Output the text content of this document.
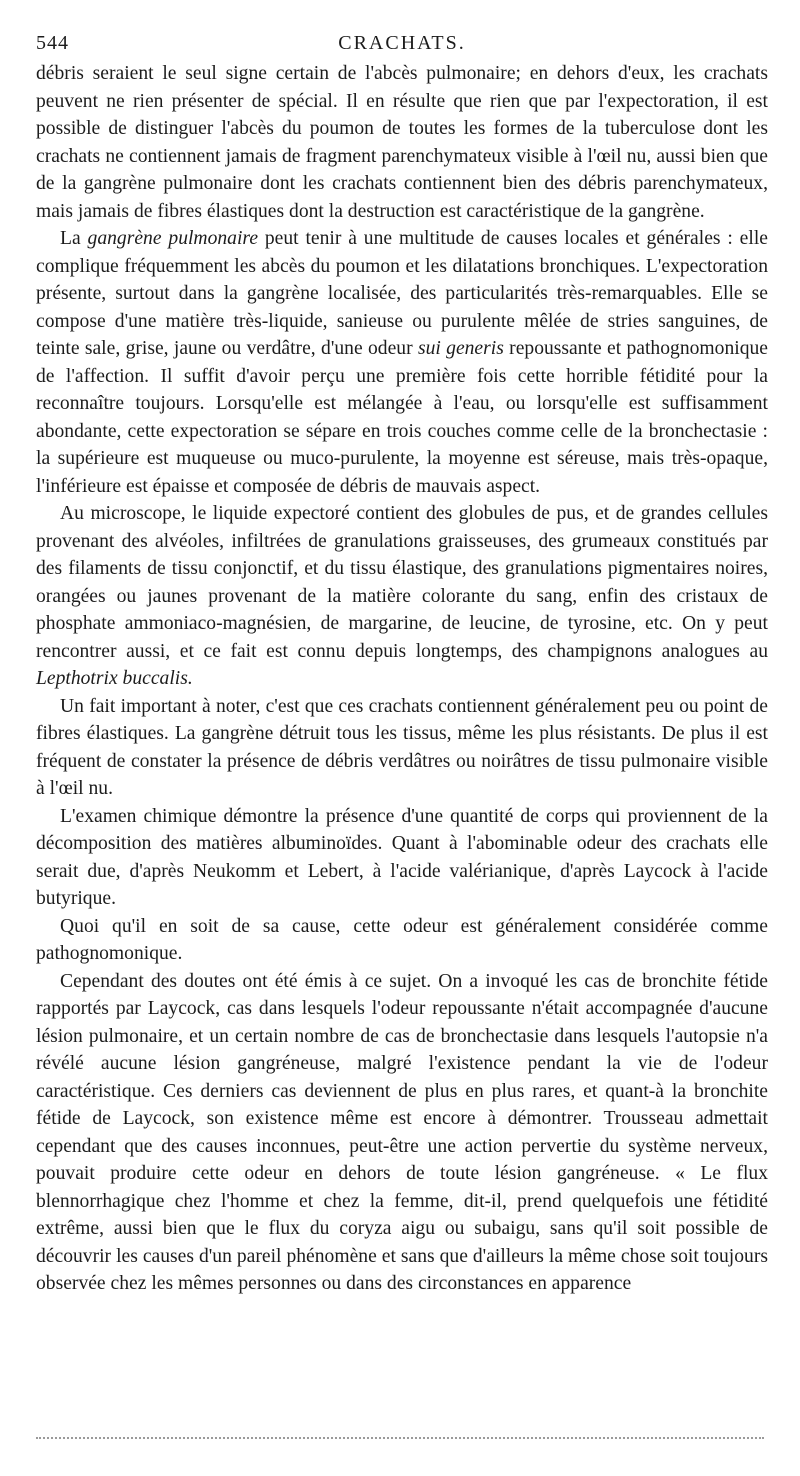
544	CRACHATS.

débris seraient le seul signe certain de l'abcès pulmonaire; en dehors d'eux, les crachats peuvent ne rien présenter de spécial. Il en résulte que rien que par l'expectoration, il est possible de distinguer l'abcès du poumon de toutes les formes de la tuberculose dont les crachats ne contiennent jamais de fragment parenchymateux visible à l'œil nu, aussi bien que de la gangrène pulmonaire dont les crachats contiennent bien des débris parenchymateux, mais jamais de fibres élastiques dont la destruction est caractéristique de la gangrène.

La gangrène pulmonaire peut tenir à une multitude de causes locales et générales : elle complique fréquemment les abcès du poumon et les dilatations bronchiques. L'expectoration présente, surtout dans la gangrène localisée, des particularités très-remarquables. Elle se compose d'une matière très-liquide, sanieuse ou purulente mêlée de stries sanguines, de teinte sale, grise, jaune ou verdâtre, d'une odeur sui generis repoussante et pathognomonique de l'affection. Il suffit d'avoir perçu une première fois cette horrible fétidité pour la reconnaître toujours. Lorsqu'elle est mélangée à l'eau, ou lorsqu'elle est suffisamment abondante, cette expectoration se sépare en trois couches comme celle de la bronchectasie : la supérieure est muqueuse ou muco-purulente, la moyenne est séreuse, mais très-opaque, l'inférieure est épaisse et composée de débris de mauvais aspect.

Au microscope, le liquide expectoré contient des globules de pus, et de grandes cellules provenant des alvéoles, infiltrées de granulations graisseuses, des grumeaux constitués par des filaments de tissu conjonctif, et du tissu élastique, des granulations pigmentaires noires, orangées ou jaunes provenant de la matière colorante du sang, enfin des cristaux de phosphate ammoniaco-magnésien, de margarine, de leucine, de tyrosine, etc. On y peut rencontrer aussi, et ce fait est connu depuis longtemps, des champignons analogues au Lepthotrix buccalis.

Un fait important à noter, c'est que ces crachats contiennent généralement peu ou point de fibres élastiques. La gangrène détruit tous les tissus, même les plus résistants. De plus il est fréquent de constater la présence de débris verdâtres ou noirâtres de tissu pulmonaire visible à l'œil nu.

L'examen chimique démontre la présence d'une quantité de corps qui proviennent de la décomposition des matières albuminoïdes. Quant à l'abominable odeur des crachats elle serait due, d'après Neukomm et Lebert, à l'acide valérianique, d'après Laycock à l'acide butyrique.

Quoi qu'il en soit de sa cause, cette odeur est généralement considérée comme pathognomonique.

Cependant des doutes ont été émis à ce sujet. On a invoqué les cas de bronchite fétide rapportés par Laycock, cas dans lesquels l'odeur repoussante n'était accompagnée d'aucune lésion pulmonaire, et un certain nombre de cas de bronchectasie dans lesquels l'autopsie n'a révélé aucune lésion gangréneuse, malgré l'existence pendant la vie de l'odeur caractéristique. Ces derniers cas deviennent de plus en plus rares, et quant-à la bronchite fétide de Laycock, son existence même est encore à démontrer. Trousseau admettait cependant que des causes inconnues, peut-être une action pervertie du système nerveux, pouvait produire cette odeur en dehors de toute lésion gangréneuse. « Le flux blennorrhagique chez l'homme et chez la femme, dit-il, prend quelquefois une fétidité extrême, aussi bien que le flux du coryza aigu ou subaigu, sans qu'il soit possible de découvrir les causes d'un pareil phénomène et sans que d'ailleurs la même chose soit toujours observée chez les mêmes personnes ou dans des circonstances en apparence
